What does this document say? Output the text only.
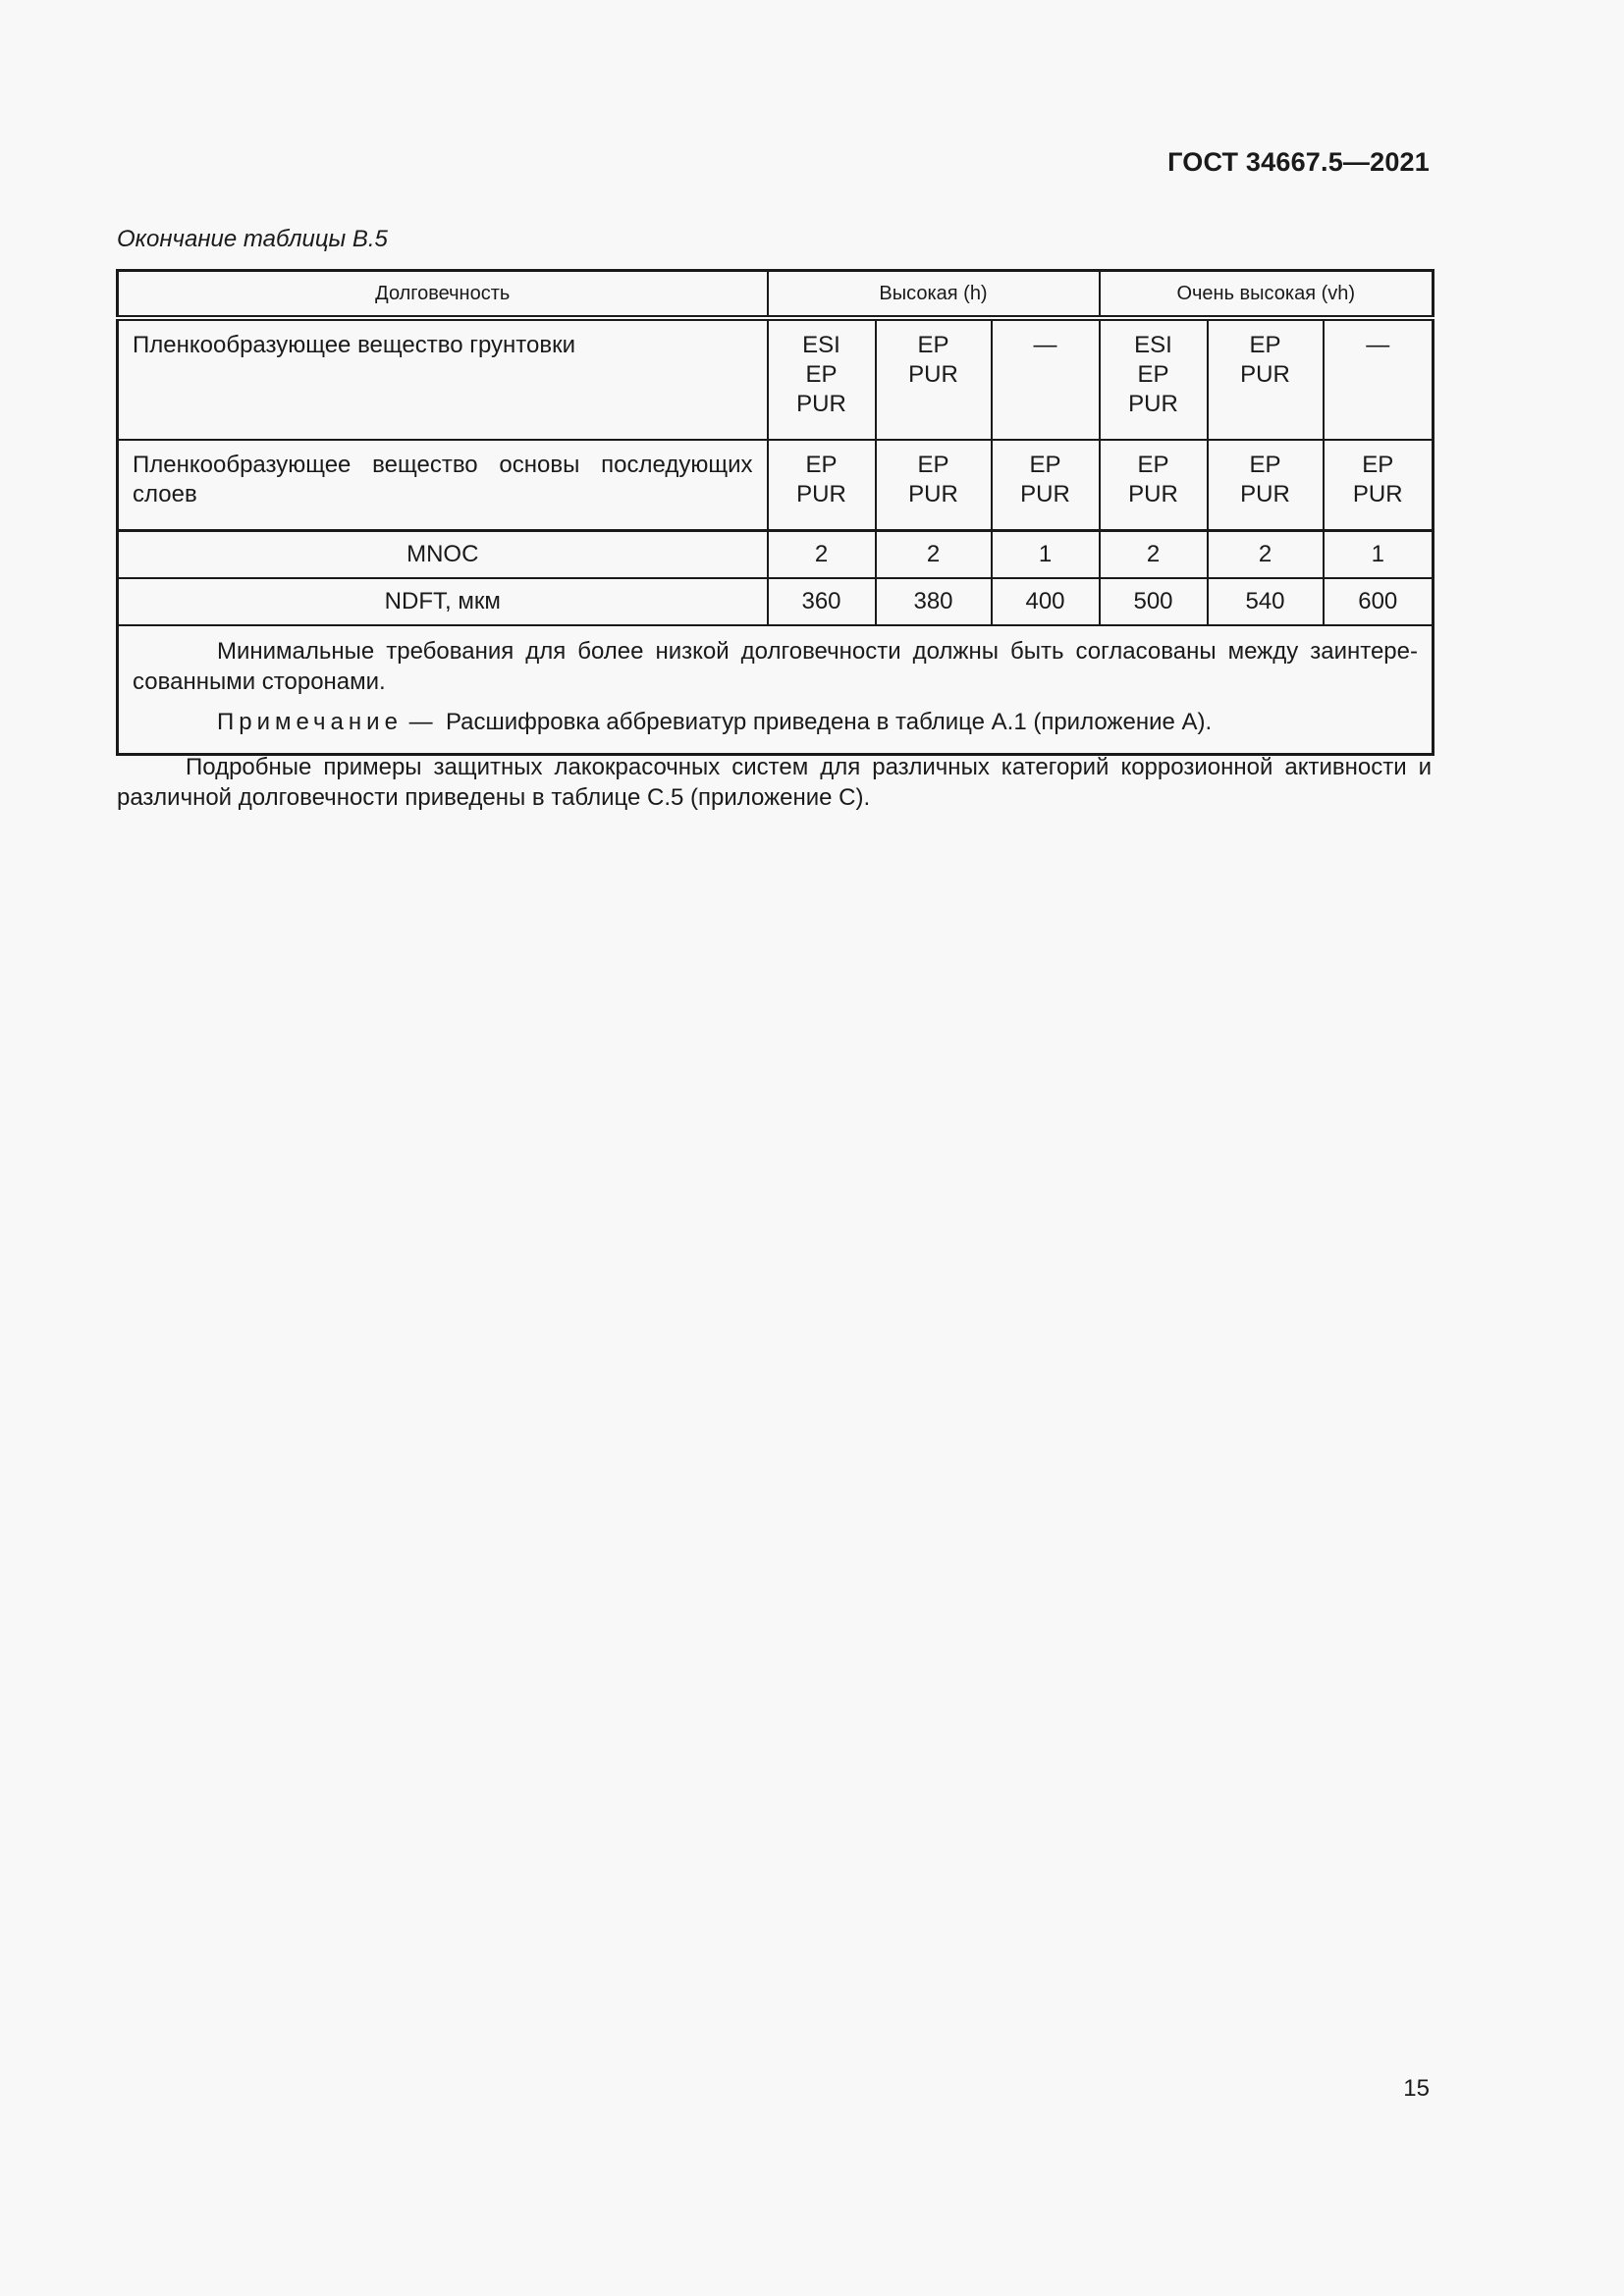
ГОСТ 34667.5—2021
Окончание таблицы В.5
Долговечность	Высокая (h)			Очень высокая (vh)		
Пленкообразующее вещество грунтовки	ESI
EP
PUR	EP
PUR	—	ESI
EP
PUR	EP
PUR	—

Пленкообразующее вещество основы последующих слоев	EP
PUR	EP
PUR	EP
PUR	EP
PUR	EP
PUR	EP
PUR

MNOC	2	2	1	2	2	1
NDFT, мкм	360	380	400	500	540	600

Минимальные требования для более низкой долговечности должны быть согласованы между заинтересованными сторонами.

Примечание — Расшифровка аббревиатур приведена в таблице А.1 (приложение А).						

Подробные примеры защитных лакокрасочных систем для различных категорий коррозионной активности и различной долговечности приведены в таблице С.5 (приложение С).
15
